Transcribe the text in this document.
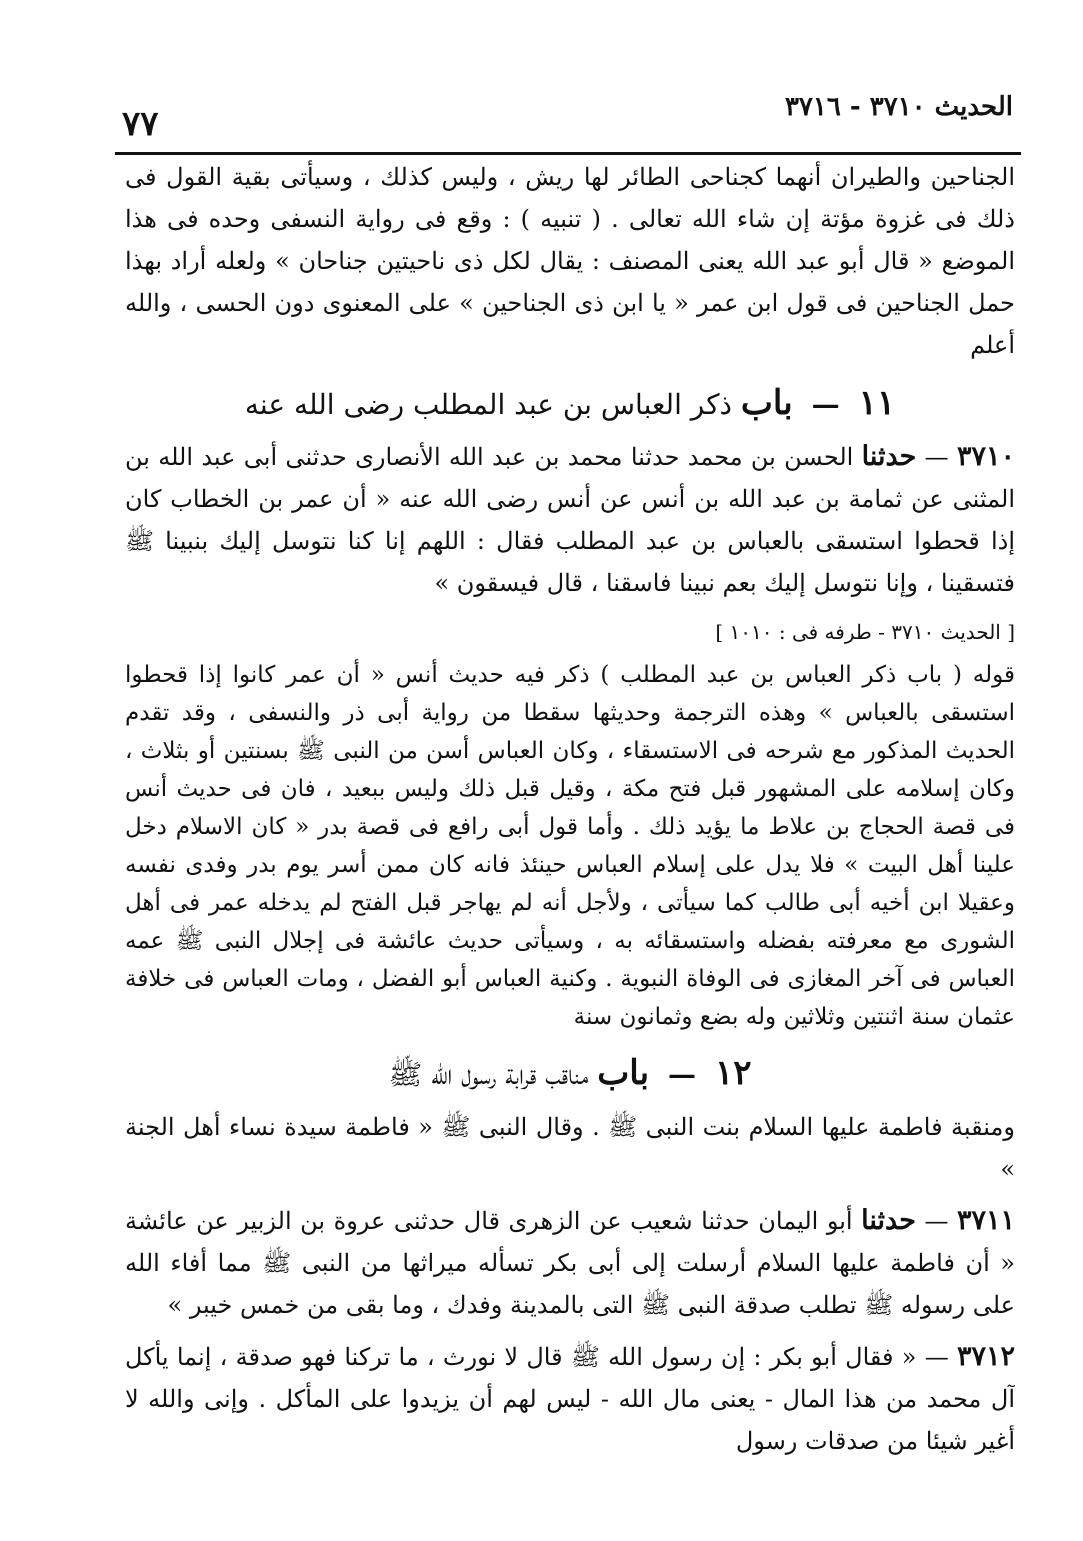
الحديث ٣٧١٠ - ٣٧١٦
٧٧

الجناحين والطيران أنهما كجناحى الطائر لها ريش ، وليس كذلك ، وسيأتى بقية القول فى ذلك فى غزوة مؤتة إن شاء الله تعالى . ( تنبيه ) : وقع فى رواية النسفى وحده فى هذا الموضع « قال أبو عبد الله يعنى المصنف : يقال لكل ذى ناحيتين جناحان » ولعله أراد بهذا حمل الجناحين فى قول ابن عمر « يا ابن ذى الجناحين » على المعنوى دون الحسى ، والله أعلم

١١ — باب ذكر العباس بن عبد المطلب رضى الله عنه

٣٧١٠ — حدثنا الحسن بن محمد حدثنا محمد بن عبد الله الأنصارى حدثنى أبى عبد الله بن المثنى عن ثمامة بن عبد الله بن أنس عن أنس رضى الله عنه « أن عمر بن الخطاب كان إذا قحطوا استسقى بالعباس بن عبد المطلب فقال : اللهم إنا كنا نتوسل إليك بنبينا ﷺ فتسقينا ، وإنا نتوسل إليك بعم نبينا فاسقنا ، قال فيسقون »

[ الحديث ٣٧١٠ - طرفه فى : ١٠١٠ ]

قوله ( باب ذكر العباس بن عبد المطلب ) ذكر فيه حديث أنس « أن عمر كانوا إذا قحطوا استسقى بالعباس » وهذه الترجمة وحديثها سقطا من رواية أبى ذر والنسفى ، وقد تقدم الحديث المذكور مع شرحه فى الاستسقاء ، وكان العباس أسن من النبى ﷺ بسنتين أو بثلاث ، وكان إسلامه على المشهور قبل فتح مكة ، وقيل قبل ذلك وليس ببعيد ، فان فى حديث أنس فى قصة الحجاج بن علاط ما يؤيد ذلك . وأما قول أبى رافع فى قصة بدر « كان الاسلام دخل علينا أهل البيت » فلا يدل على إسلام العباس حينئذ فانه كان ممن أسر يوم بدر وفدى نفسه وعقيلا ابن أخيه أبى طالب كما سيأتى ، ولأجل أنه لم يهاجر قبل الفتح لم يدخله عمر فى أهل الشورى مع معرفته بفضله واستسقائه به ، وسيأتى حديث عائشة فى إجلال النبى ﷺ عمه العباس فى آخر المغازى فى الوفاة النبوية . وكنية العباس أبو الفضل ، ومات العباس فى خلافة عثمان سنة اثنتين وثلاثين وله بضع وثمانون سنة

١٢ — باب مناقب قرابة رسول الله ﷺ

ومنقبة فاطمة عليها السلام بنت النبى ﷺ . وقال النبى ﷺ « فاطمة سيدة نساء أهل الجنة »

٣٧١١ — حدثنا أبو اليمان حدثنا شعيب عن الزهرى قال حدثنى عروة بن الزبير عن عائشة « أن فاطمة عليها السلام أرسلت إلى أبى بكر تسأله ميراثها من النبى ﷺ مما أفاء الله على رسوله ﷺ تطلب صدقة النبى ﷺ التى بالمدينة وفدك ، وما بقى من خمس خيبر »

٣٧١٢ — « فقال أبو بكر : إن رسول الله ﷺ قال لا نورث ، ما تركنا فهو صدقة ، إنما يأكل آل محمد من هذا المال - يعنى مال الله - ليس لهم أن يزيدوا على المأكل . وإنى والله لا أغير شيئا من صدقات رسول
